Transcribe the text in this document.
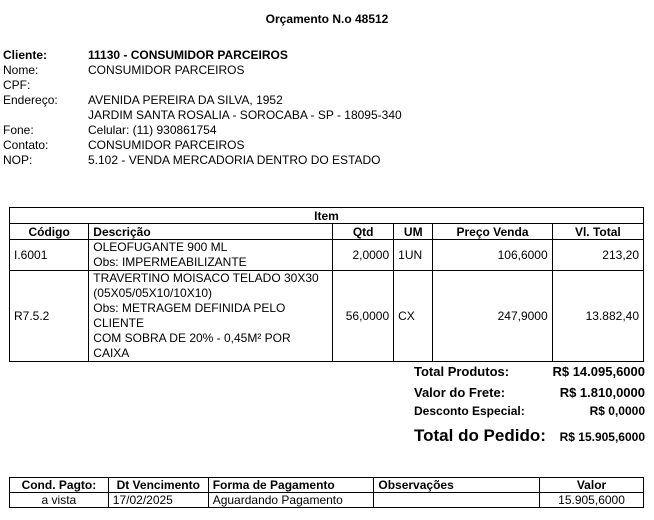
Orçamento N.o 48512
Cliente:	11130 - CONSUMIDOR PARCEIROS
Nome:	CONSUMIDOR PARCEIROS
CPF:
Endereço:	AVENIDA PEREIRA DA SILVA, 1952
JARDIM SANTA ROSALIA - SOROCABA - SP - 18095-340
Fone:	Celular: (11) 930861754
Contato:	CONSUMIDOR PARCEIROS
NOP:	5.102 - VENDA MERCADORIA DENTRO DO ESTADO
Item					
Código	Descrição	Qtd	UM	Preço Venda	Vl. Total
I.6001	OLEOFUGANTE 900 ML
Obs: IMPERMEABILIZANTE	2,0000	1UN	106,6000	213,20
R7.5.2	TRAVERTINO MOISACO TELADO 30X30
(05X05/05X10/10X10)
Obs: METRAGEM DEFINIDA PELO CLIENTE
COM SOBRA DE 20% - 0,45M² POR CAIXA	56,0000	CX	247,9000	13.882,40
Total Produtos:	R$ 14.095,6000
Valor do Frete:	R$ 1.810,0000
Desconto Especial:	R$ 0,0000
Total do Pedido: R$ 15.905,6000
Cond. Pagto:	Dt Vencimento	Forma de Pagamento	Observações	Valor
a vista	17/02/2025	Aguardando Pagamento		15.905,6000
